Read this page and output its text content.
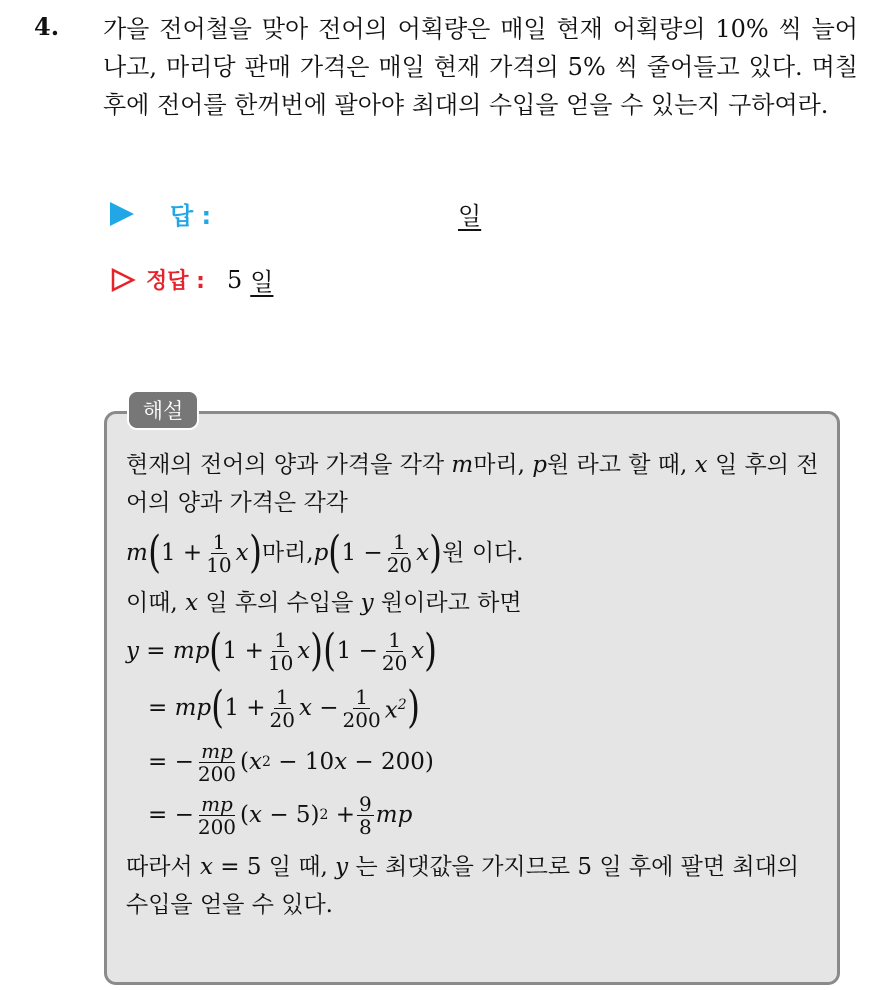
4. 가을 전어철을 맞아 전어의 어획량은 매일 현재 어획량의 10% 씩 늘어나고, 마리당 판매 가격은 매일 현재 가격의 5% 씩 줄어들고 있다. 며칠 후에 전어를 한꺼번에 팔아야 최대의 수입을 얻을 수 있는지 구하여라.
답 :	일
정답 : 5 일
해설
현재의 전어의 양과 가격을 각각 m마리, p원 라고 할 때, x 일 후의 전어의 양과 가격은 각각
m ( $1 + \frac{1}{10}$ x ) 마리, p ( $1 - \frac{1}{20}$ x ) 원 이다.
이때, x 일 후의 수입을 y 원이라고 하면
y = mp ( $1 + \frac{1}{10}$ x ) ( $1 - \frac{1}{20}$ x )
= mp ( $1 + \frac{1}{20}$ $x - \frac{1}{200} x^2$ )
= − $\frac{mp}{200}$ ( x 2 − 10 x − 200)
= − $\frac{mp}{200}$ ( x − 5) $2 + \frac{9}{8}$ mp
따라서 x = 5 일 때, y 는 최댓값을 가지므로 5 일 후에 팔면 최대의 수입을 얻을 수 있다.
